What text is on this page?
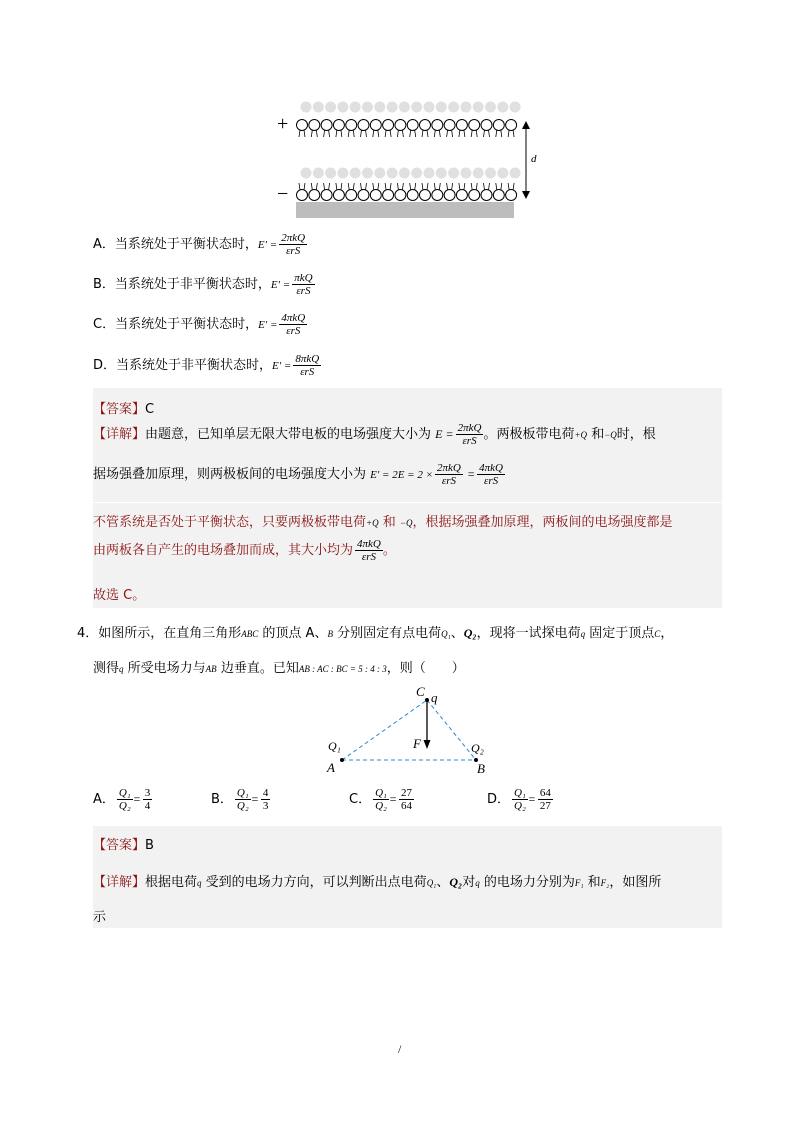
+
−
d
A．当系统处于平衡状态时，$E' = \frac{\text{2πkQ}}{\text{εrS}}$
B．当系统处于非平衡状态时，$E' = \frac{\text{πkQ}}{\text{εrS}}$
C．当系统处于平衡状态时，$E' = \frac{\text{4πkQ}}{\text{εrS}}$
D．当系统处于非平衡状态时，$E' = \frac{\text{8πkQ}}{\text{εrS}}$
【答案】C
【详解】由题意，已知单层无限大带电板的电场强度大小为 $E = \frac{\text{2πkQ}}{\text{εrS}}$ 。两极板带电荷+Q 和−Q时，根
据场强叠加原理，则两极板间的电场强度大小为 $E' = 2E = 2 \times \frac{\text{2πkQ}}{\text{εrS}} = \frac{\text{4πkQ}}{\text{εrS}}$
不管系统是否处于平衡状态，只要两极板带电荷+Q 和 −Q，根据场强叠加原理，两板间的电场强度都是
由两板各自产生的电场叠加而成，其大小均为 $\frac{\text{4πkQ}}{\text{εrS}}$ 。
故选 C。
4．如图所示，在直角三角形ABC 的顶点 A、B 分别固定有点电荷Q₁、Q₂，现将一试探电荷q 固定于顶点C，
测得q 所受电场力与AB 边垂直。已知AB : AC : BC = 5 : 4 : 3，则（　　）
C q
F
Q₁	Q₂
A	B
A． $\frac{\text{Q₁}}{\text{Q₂}} = \frac{3}{4}$	B． $\frac{\text{Q₁}}{\text{Q₂}} = \frac{4}{3}$	C． $\frac{\text{Q₁}}{\text{Q₂}} = \frac{27}{64}$	D． $\frac{\text{Q₁}}{\text{Q₂}} = \frac{64}{27}$
【答案】B
【详解】根据电荷q 受到的电场力方向，可以判断出点电荷Q₁、Q₂对q 的电场力分别为F₁ 和F₂，如图所
示
/
